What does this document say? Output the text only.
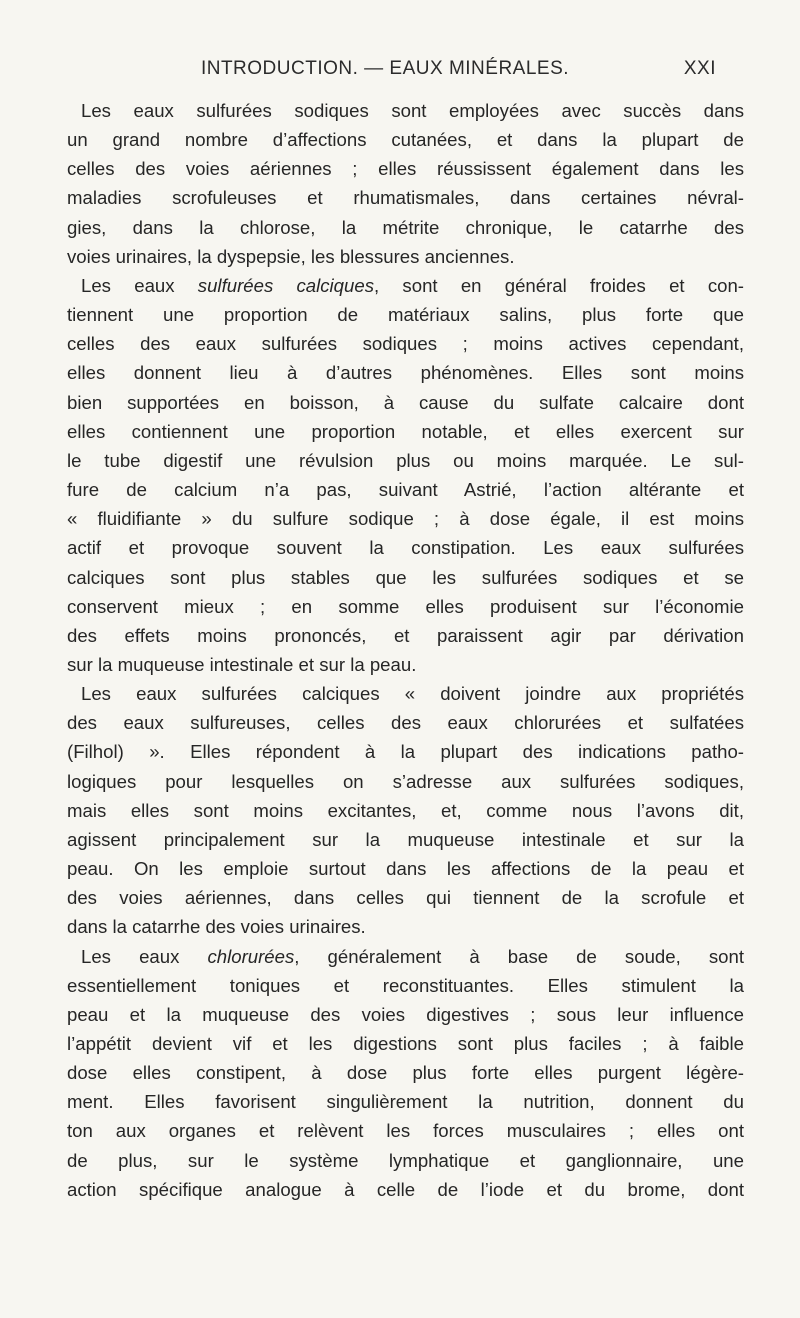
INTRODUCTION. — EAUX MINÉRALES.	XXI
Les eaux sulfurées sodiques sont employées avec succès dans
un grand nombre d’affections cutanées, et dans la plupart de
celles des voies aériennes ; elles réussissent également dans les
maladies scrofuleuses et rhumatismales, dans certaines névral-
gies, dans la chlorose, la métrite chronique, le catarrhe des
voies urinaires, la dyspepsie, les blessures anciennes.
Les eaux sulfurées calciques, sont en général froides et con-
tiennent une proportion de matériaux salins, plus forte que
celles des eaux sulfurées sodiques ; moins actives cependant,
elles donnent lieu à d’autres phénomènes. Elles sont moins
bien supportées en boisson, à cause du sulfate calcaire dont
elles contiennent une proportion notable, et elles exercent sur
le tube digestif une révulsion plus ou moins marquée. Le sul-
fure de calcium n’a pas, suivant Astrié, l’action altérante et
« fluidifiante » du sulfure sodique ; à dose égale, il est moins
actif et provoque souvent la constipation. Les eaux sulfurées
calciques sont plus stables que les sulfurées sodiques et se
conservent mieux ; en somme elles produisent sur l’économie
des effets moins prononcés, et paraissent agir par dérivation
sur la muqueuse intestinale et sur la peau.
Les eaux sulfurées calciques « doivent joindre aux propriétés
des eaux sulfureuses, celles des eaux chlorurées et sulfatées
(Filhol) ». Elles répondent à la plupart des indications patho-
logiques pour lesquelles on s’adresse aux sulfurées sodiques,
mais elles sont moins excitantes, et, comme nous l’avons dit,
agissent principalement sur la muqueuse intestinale et sur la
peau. On les emploie surtout dans les affections de la peau et
des voies aériennes, dans celles qui tiennent de la scrofule et
dans la catarrhe des voies urinaires.
Les eaux chlorurées, généralement à base de soude, sont
essentiellement toniques et reconstituantes. Elles stimulent la
peau et la muqueuse des voies digestives ; sous leur influence
l’appétit devient vif et les digestions sont plus faciles ; à faible
dose elles constipent, à dose plus forte elles purgent légère-
ment. Elles favorisent singulièrement la nutrition, donnent du
ton aux organes et relèvent les forces musculaires ; elles ont
de plus, sur le système lymphatique et ganglionnaire, une
action spécifique analogue à celle de l’iode et du brome, dont
